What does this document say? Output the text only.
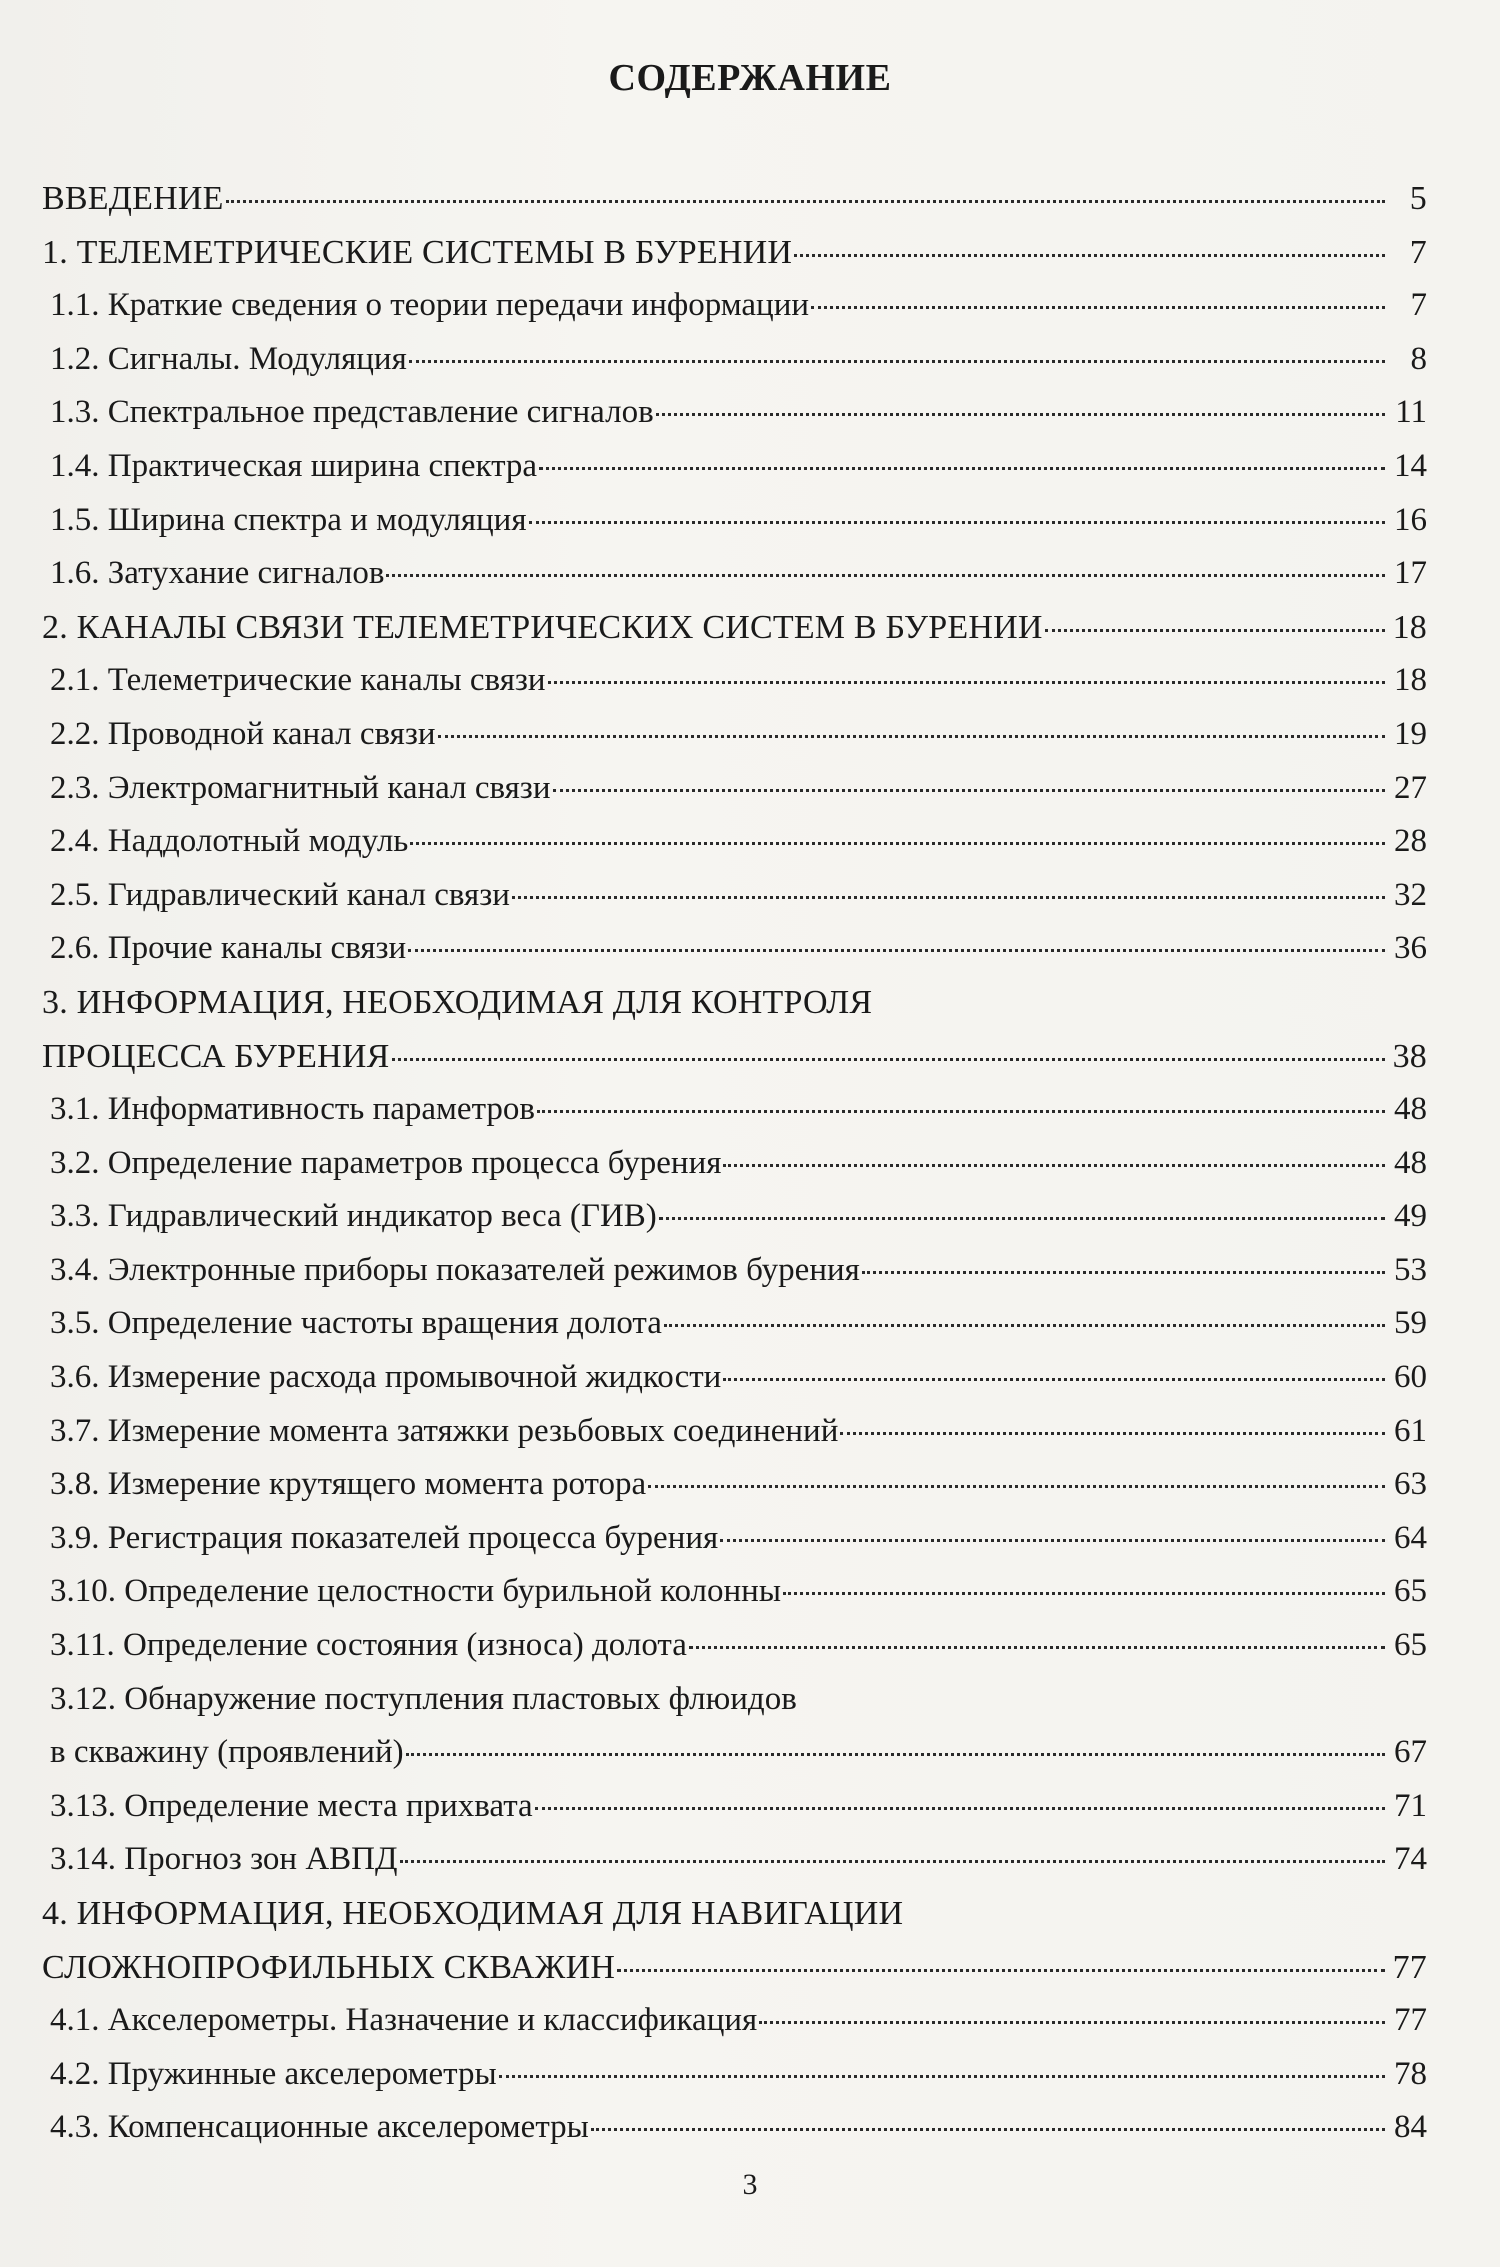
СОДЕРЖАНИЕ
ВВЕДЕНИЕ	5
1. ТЕЛЕМЕТРИЧЕСКИЕ СИСТЕМЫ В БУРЕНИИ	7
1.1. Краткие сведения о теории передачи информации	7
1.2. Сигналы. Модуляция	8
1.3. Спектральное представление сигналов	11
1.4. Практическая ширина спектра	14
1.5. Ширина спектра и модуляция	16
1.6. Затухание сигналов	17
2. КАНАЛЫ СВЯЗИ ТЕЛЕМЕТРИЧЕСКИХ СИСТЕМ В БУРЕНИИ	18
2.1. Телеметрические каналы связи	18
2.2. Проводной канал связи	19
2.3. Электромагнитный канал связи	27
2.4. Наддолотный модуль	28
2.5. Гидравлический канал связи	32
2.6. Прочие каналы связи	36
3. ИНФОРМАЦИЯ, НЕОБХОДИМАЯ ДЛЯ КОНТРОЛЯ
ПРОЦЕССА БУРЕНИЯ	38
3.1. Информативность параметров	48
3.2. Определение параметров процесса бурения	48
3.3. Гидравлический индикатор веса (ГИВ)	49
3.4. Электронные приборы показателей режимов бурения	53
3.5. Определение частоты вращения долота	59
3.6. Измерение расхода промывочной жидкости	60
3.7. Измерение момента затяжки резьбовых соединений	61
3.8. Измерение крутящего момента ротора	63
3.9. Регистрация показателей процесса бурения	64
3.10. Определение целостности бурильной колонны	65
3.11. Определение состояния (износа) долота	65
3.12. Обнаружение поступления пластовых флюидов
в скважину (проявлений)	67
3.13. Определение места прихвата	71
3.14. Прогноз зон АВПД	74
4. ИНФОРМАЦИЯ, НЕОБХОДИМАЯ ДЛЯ НАВИГАЦИИ
СЛОЖНОПРОФИЛЬНЫХ СКВАЖИН	77
4.1. Акселерометры. Назначение и классификация	77
4.2. Пружинные акселерометры	78
4.3. Компенсационные акселерометры	84
3
